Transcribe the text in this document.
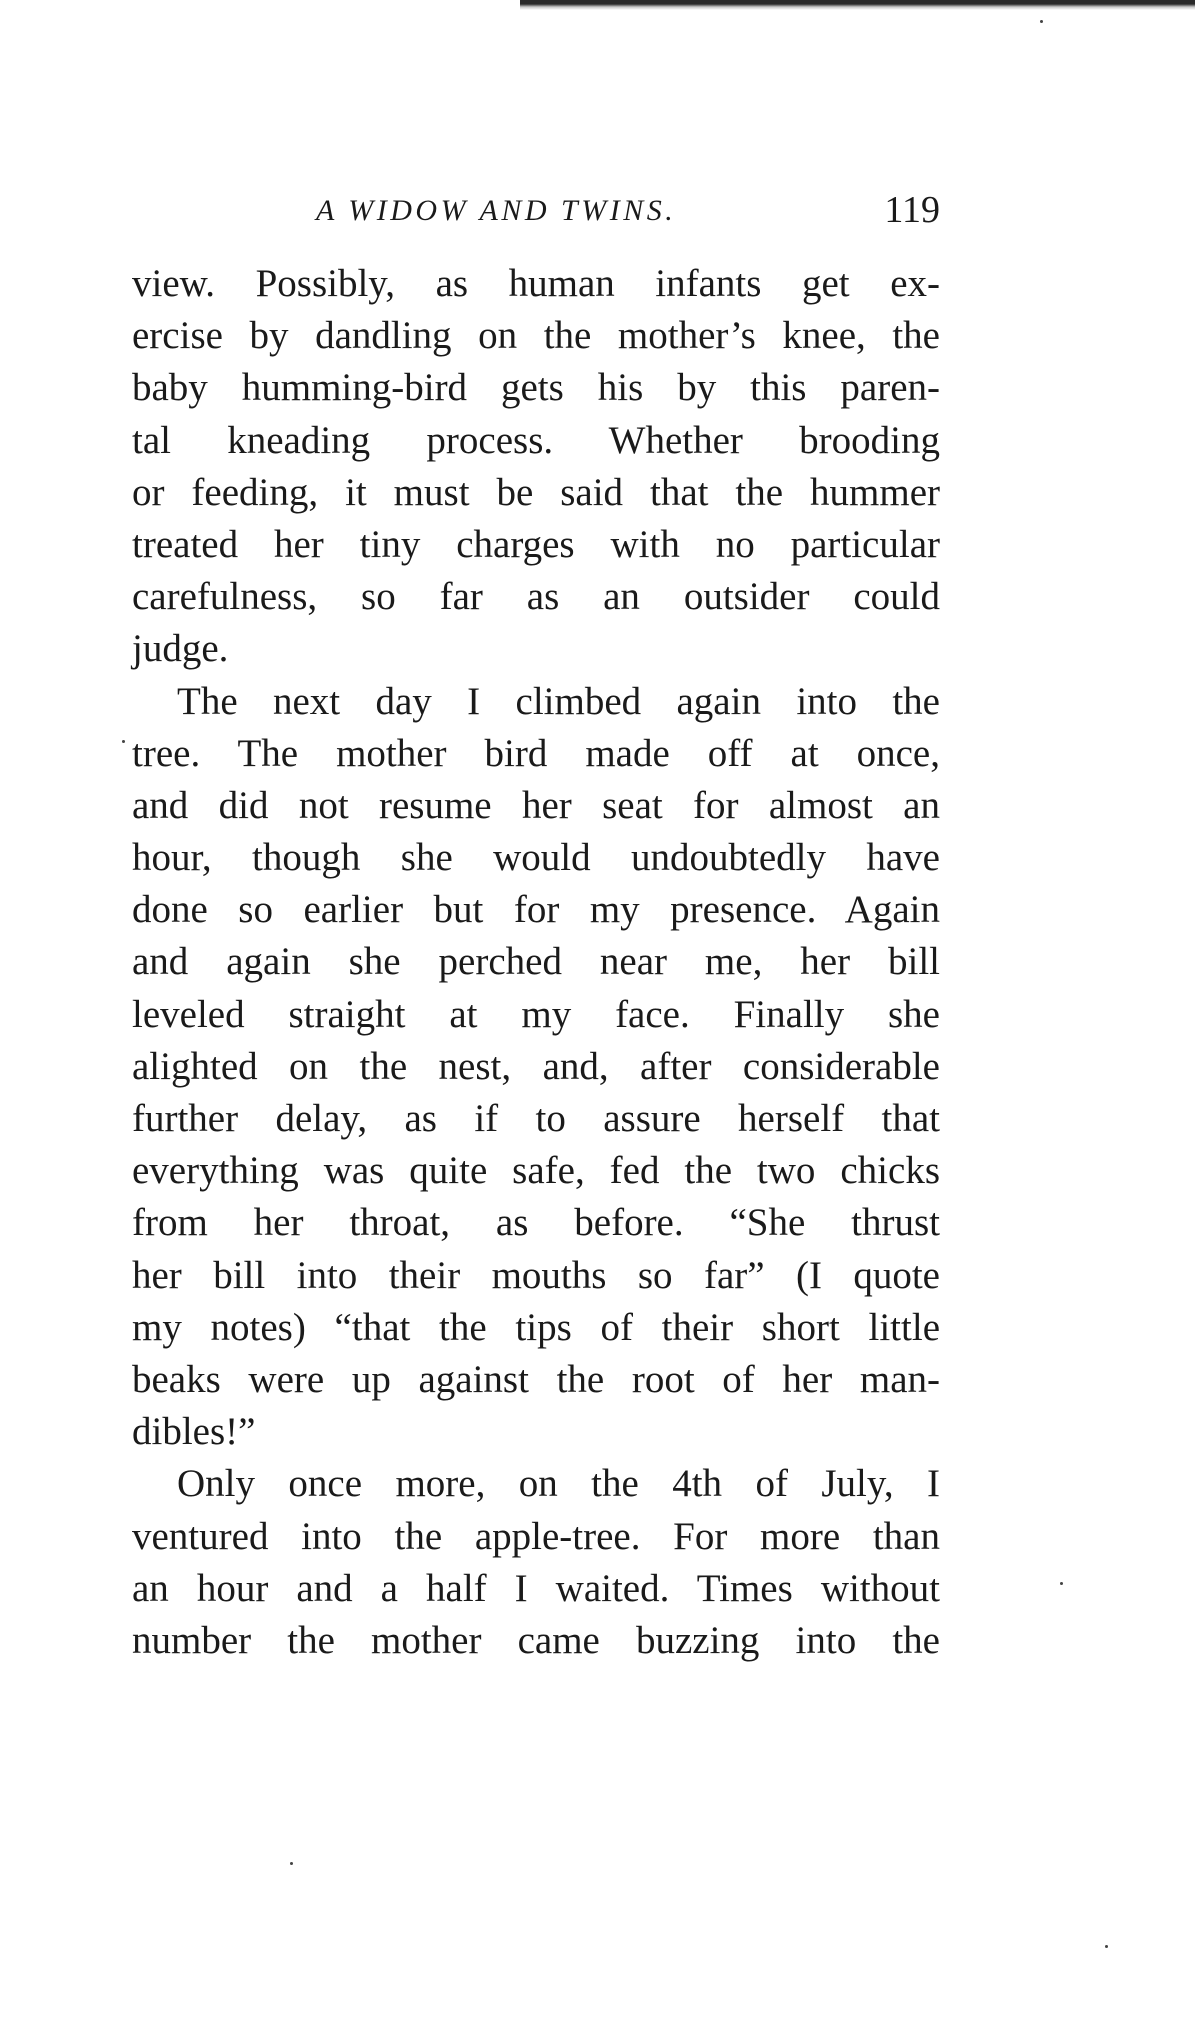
A WIDOW AND TWINS.	119
view. Possibly, as human infants get ex-
ercise by dandling on the mother’s knee, the
baby humming-bird gets his by this paren-
tal kneading process. Whether brooding
or feeding, it must be said that the hummer
treated her tiny charges with no particular
carefulness, so far as an outsider could
judge.
The next day I climbed again into the
tree. The mother bird made off at once,
and did not resume her seat for almost an
hour, though she would undoubtedly have
done so earlier but for my presence. Again
and again she perched near me, her bill
leveled straight at my face. Finally she
alighted on the nest, and, after considerable
further delay, as if to assure herself that
everything was quite safe, fed the two chicks
from her throat, as before. “She thrust
her bill into their mouths so far” (I quote
my notes) “that the tips of their short little
beaks were up against the root of her man-
dibles!”
Only once more, on the 4th of July, I
ventured into the apple-tree. For more than
an hour and a half I waited. Times without
number the mother came buzzing into the
